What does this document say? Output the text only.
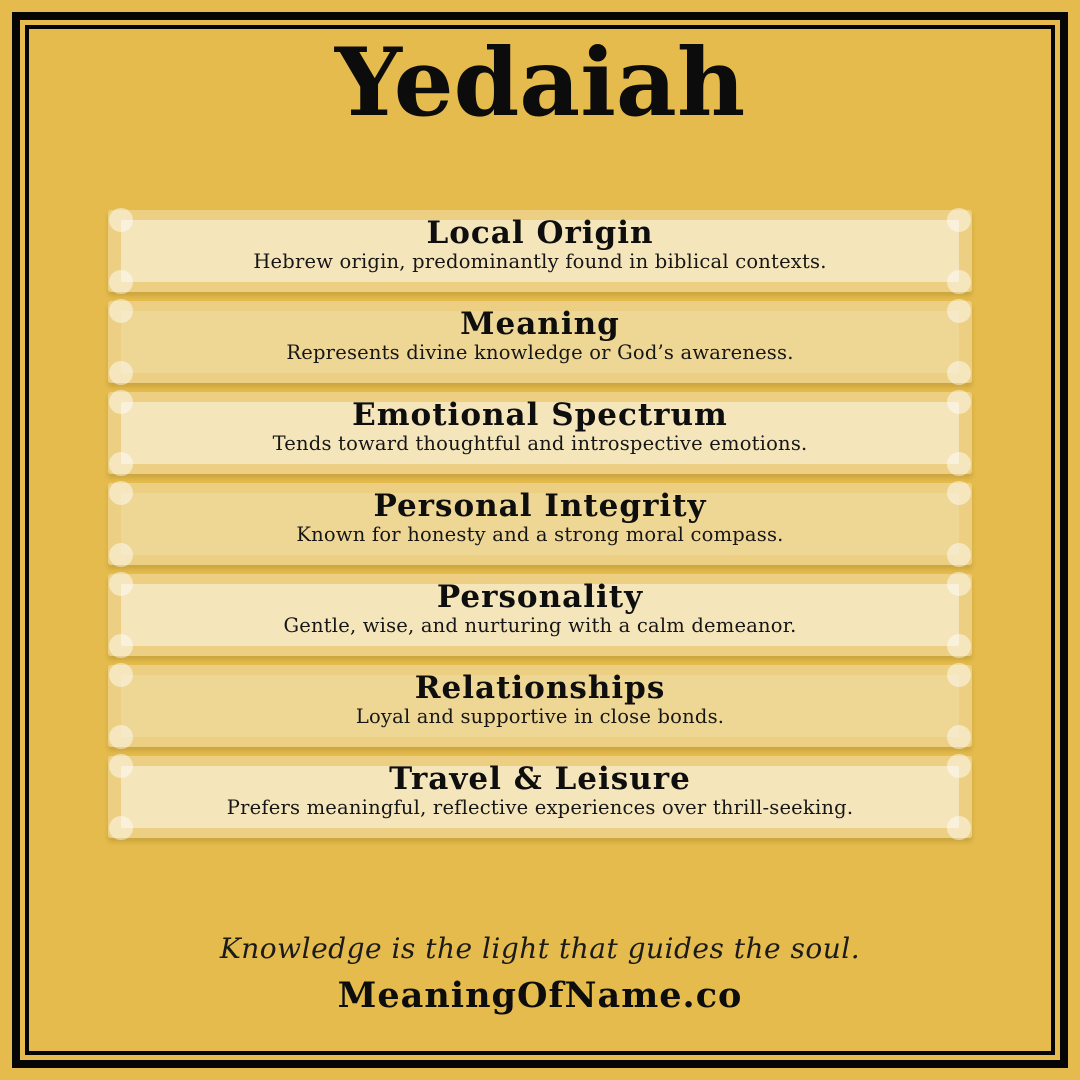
Yedaiah
Local Origin

Hebrew origin, predominantly found in biblical contexts.

Meaning

Represents divine knowledge or God’s awareness.

Emotional Spectrum

Tends toward thoughtful and introspective emotions.

Personal Integrity

Known for honesty and a strong moral compass.

Personality

Gentle, wise, and nurturing with a calm demeanor.

Relationships

Loyal and supportive in close bonds.

Travel & Leisure

Prefers meaningful, reflective experiences over thrill-seeking.

Knowledge is the light that guides the soul.
MeaningOfName.co
